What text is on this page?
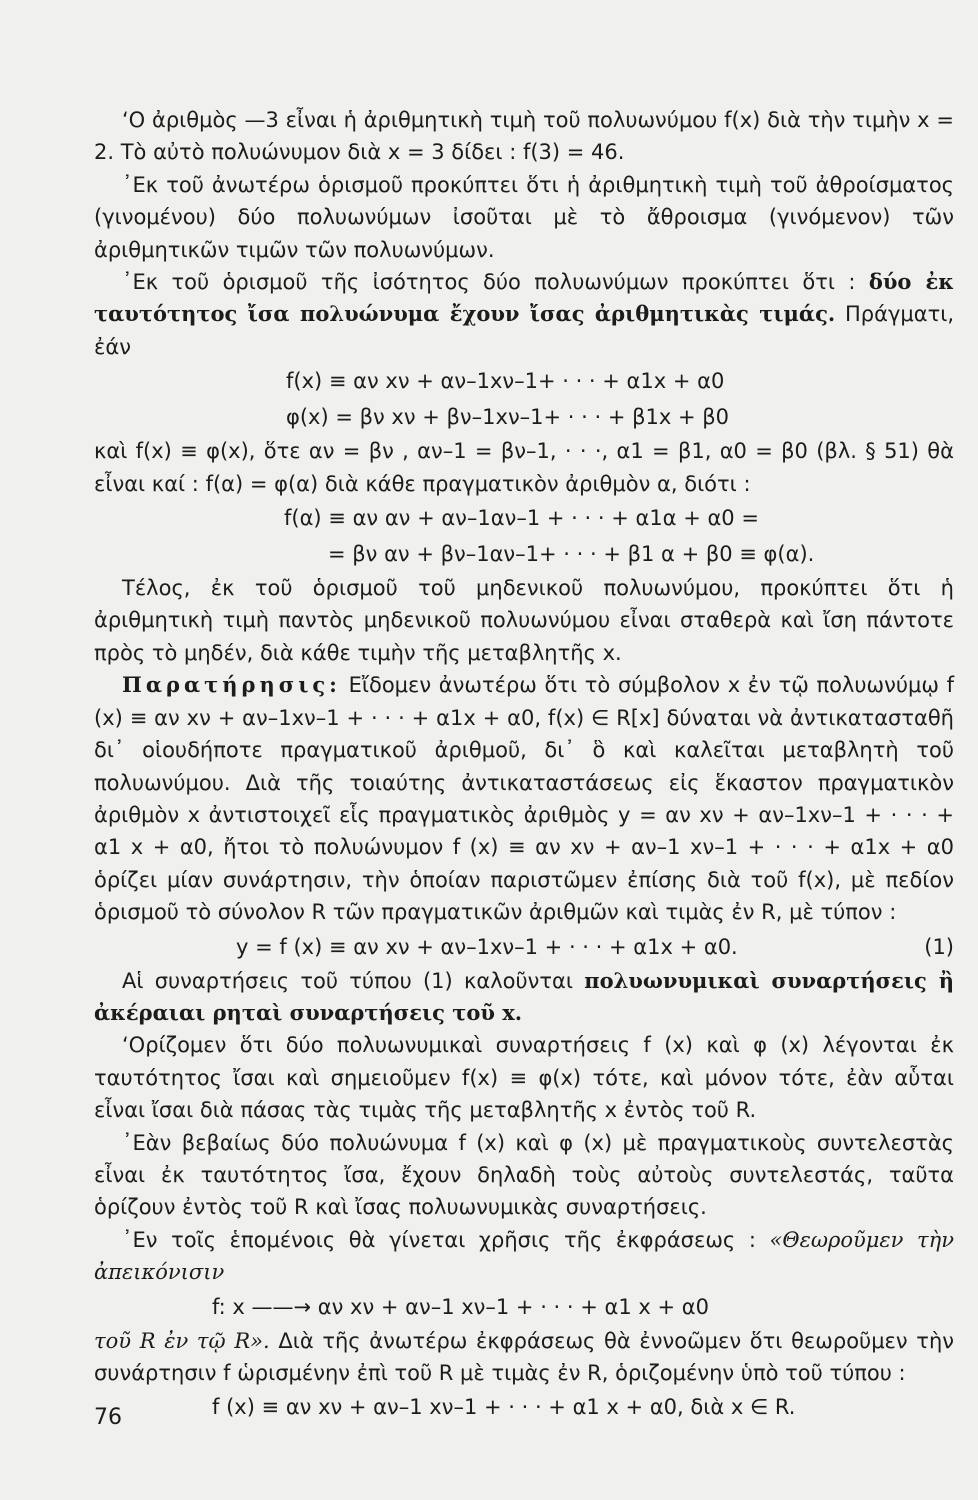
‘Ο ἀριθμὸς —3 εἶναι ἡ ἀριθμητικὴ τιμὴ τοῦ πολυωνύμου f(x) διὰ τὴν τιμὴν x = 2. Τὸ αὐτὸ πολυώνυμον διὰ x = 3 δίδει : f(3) = 46.

᾿Εκ τοῦ ἀνωτέρω ὁρισμοῦ προκύπτει ὅτι ἡ ἀριθμητικὴ τιμὴ τοῦ ἀθροίσματος (γινομένου) δύο πολυωνύμων ἰσοῦται μὲ τὸ ἄθροισμα (γινόμενον) τῶν ἀριθμητικῶν τιμῶν τῶν πολυωνύμων.

᾿Εκ τοῦ ὁρισμοῦ τῆς ἰσότητος δύο πολυωνύμων προκύπτει ὅτι : δύο ἐκ ταυτότητος ἴσα πολυώνυμα ἔχουν ἴσας ἀριθμητικὰς τιμάς. Πράγματι, ἐάν

f(x) ≡ αν xν + αν–1xν–1+ · · · + α1x + α0
φ(x) = βν xν + βν–1xν–1+ · · · + β1x + β0

καὶ f(x) ≡ φ(x), ὅτε αν = βν , αν–1 = βν–1, · · ·, α1 = β1, α0 = β0 (βλ. § 51) θὰ εἶναι καί : f(α) = φ(α) διὰ κάθε πραγματικὸν ἀριθμὸν α, διότι :

f(α) ≡ αν αν + αν–1αν–1 + · · · + α1α + α0 =
= βν αν + βν–1αν–1+ · · · + β1 α + β0 ≡ φ(α).

Τέλος, ἐκ τοῦ ὁρισμοῦ τοῦ μηδενικοῦ πολυωνύμου, προκύπτει ὅτι ἡ ἀριθμητικὴ τιμὴ παντὸς μηδενικοῦ πολυωνύμου εἶναι σταθερὰ καὶ ἴση πάντοτε πρὸς τὸ μηδέν, διὰ κάθε τιμὴν τῆς μεταβλητῆς x.

Παρατήρησις: Εἴδομεν ἀνωτέρω ὅτι τὸ σύμβολον x ἐν τῷ πολυωνύμῳ f (x) ≡ αν xν + αν–1xν–1 + · · · + α1x + α0, f(x) ∈ R[x] δύναται νὰ ἀντικατασταθῆ δι᾿ οἱουδήποτε πραγματικοῦ ἀριθμοῦ, δι᾿ ὃ καὶ καλεῖται μεταβλητὴ τοῦ πολυωνύμου. Διὰ τῆς τοιαύτης ἀντικαταστάσεως εἰς ἕκαστον πραγματικὸν ἀριθμὸν x ἀντιστοιχεῖ εἷς πραγματικὸς ἀριθμὸς y = αν xν + αν–1xν–1 + · · · + α1 x + α0, ἤτοι τὸ πολυώνυμον f (x) ≡ αν xν + αν–1 xν–1 + · · · + α1x + α0 ὁρίζει μίαν συνάρτησιν, τὴν ὁποίαν παριστῶμεν ἐπίσης διὰ τοῦ f(x), μὲ πεδίον ὁρισμοῦ τὸ σύνολον R τῶν πραγματικῶν ἀριθμῶν καὶ τιμὰς ἐν R, μὲ τύπον :

y = f (x) ≡ αν xν + αν–1xν–1 + · · · + α1x + α0.	(1)

Αἱ συναρτήσεις τοῦ τύπου (1) καλοῦνται πολυωνυμικαὶ συναρτήσεις ἢ ἀκέραιαι ρηταὶ συναρτήσεις τοῦ x.

‘Ορίζομεν ὅτι δύο πολυωνυμικαὶ συναρτήσεις f (x) καὶ φ (x) λέγονται ἐκ ταυτότητος ἴσαι καὶ σημειοῦμεν f(x) ≡ φ(x) τότε, καὶ μόνον τότε, ἐὰν αὗται εἶναι ἴσαι διὰ πάσας τὰς τιμὰς τῆς μεταβλητῆς x ἐντὸς τοῦ R.

᾿Εὰν βεβαίως δύο πολυώνυμα f (x) καὶ φ (x) μὲ πραγματικοὺς συντελεστὰς εἶναι ἐκ ταυτότητος ἴσα, ἔχουν δηλαδὴ τοὺς αὐτοὺς συντελεστάς, ταῦτα ὁρίζουν ἐντὸς τοῦ R καὶ ἴσας πολυωνυμικὰς συναρτήσεις.

᾿Εν τοῖς ἑπομένοις θὰ γίνεται χρῆσις τῆς ἐκφράσεως : «Θεωροῦμεν τὴν ἀπεικόνισιν

f: x ——→ αν xν + αν–1 xν–1 + · · · + α1 x + α0

τοῦ R ἐν τῷ R». Διὰ τῆς ἀνωτέρω ἐκφράσεως θὰ ἐννοῶμεν ὅτι θεωροῦμεν τὴν συνάρτησιν f ὡρισμένην ἐπὶ τοῦ R μὲ τιμὰς ἐν R, ὁριζομένην ὑπὸ τοῦ τύπου :

f (x) ≡ αν xν + αν–1 xν–1 + · · · + α1 x + α0, διὰ x ∈ R.
76
